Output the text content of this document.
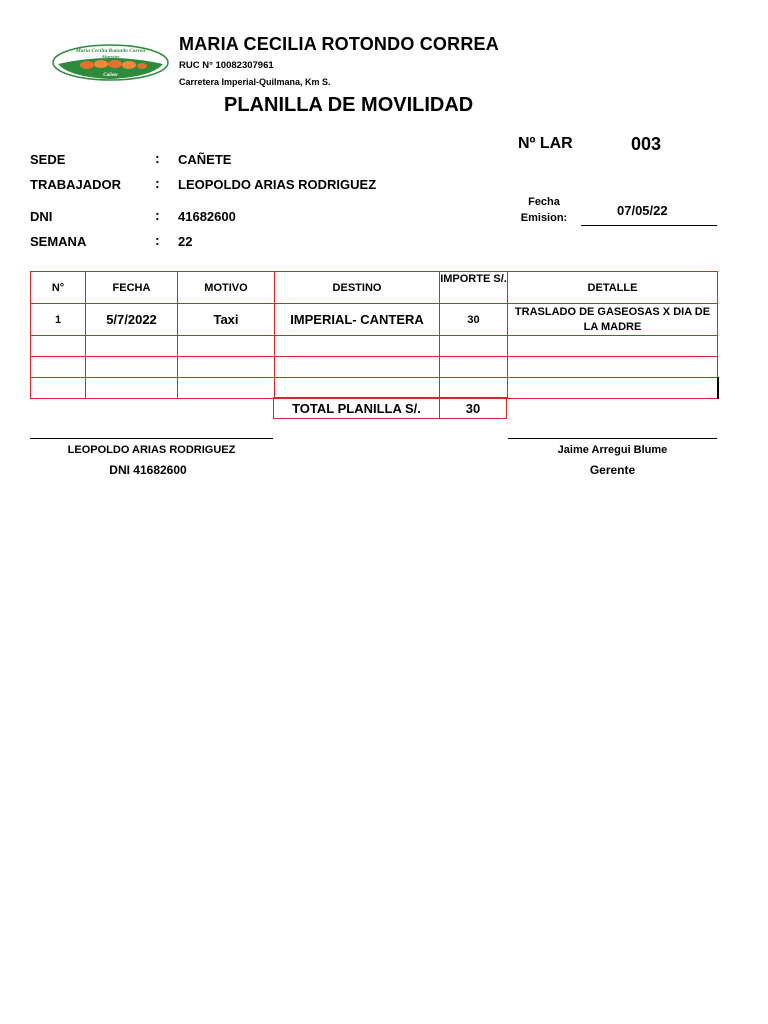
Maria Cecilia Rotondo Correa
Abarrotes
Cañete
MARIA CECILIA ROTONDO CORREA
RUC N° 10082307961
Carretera Imperial-Quilmana, Km S.
PLANILLA DE MOVILIDAD
Nº LAR	003
SEDE	: CAÑETE
TRABAJADOR : LEOPOLDO ARIAS RODRIGUEZ
DNI	: 41682600
SEMANA	: 22
Fecha Emision:	07/05/22
N°	FECHA	MOTIVO	DESTINO	IMPORTE S/.	DETALLE
1	5/7/2022	Taxi	IMPERIAL- CANTERA	30	TRASLADO DE GASEOSAS X DIA DE LA MADRE

TOTAL PLANILLA S/.	30
LEOPOLDO ARIAS RODRIGUEZ
DNI 41682600
Jaime Arregui Blume
Gerente
